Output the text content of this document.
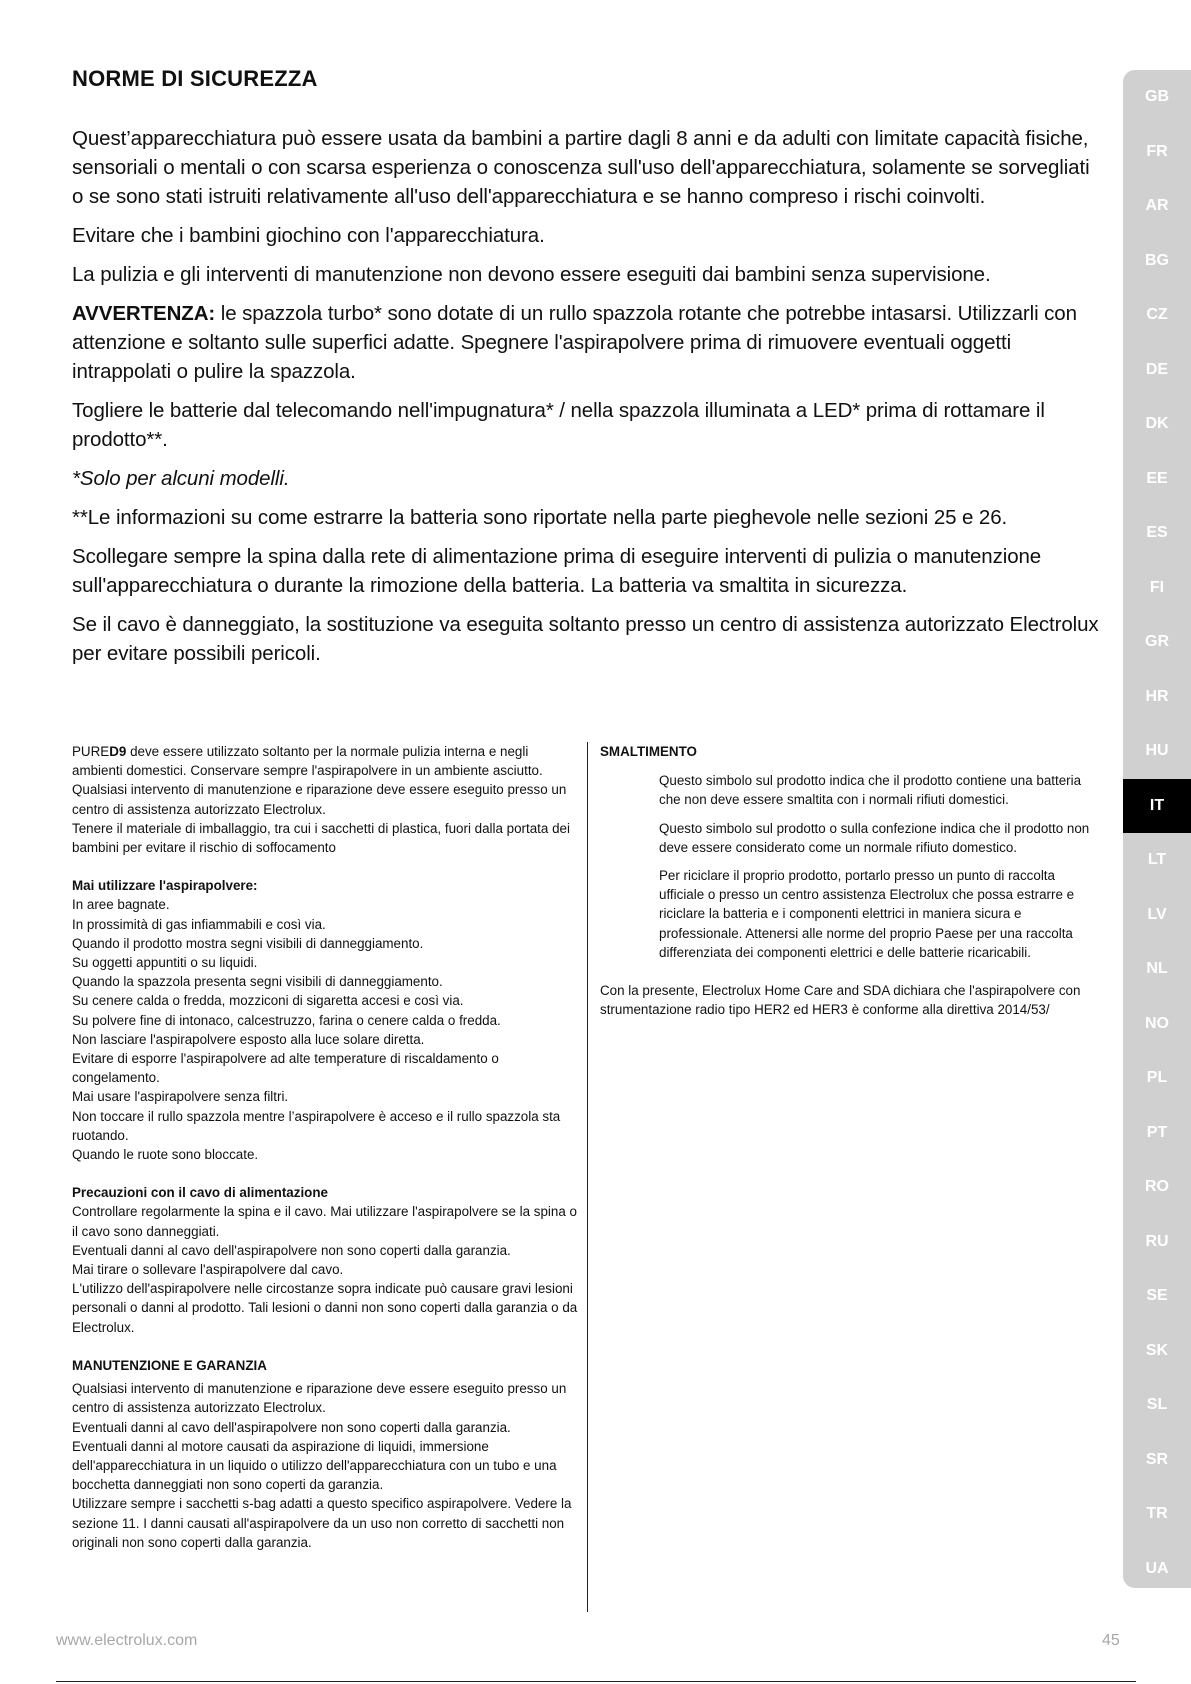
NORME DI SICUREZZA

Quest’apparecchiatura può essere usata da bambini a partire dagli 8 anni e da adulti con limitate capacità fisiche, sensoriali o mentali o con scarsa esperienza o conoscenza sull'uso dell'apparecchiatura, solamente se sorvegliati o se sono stati istruiti relativamente all'uso dell'apparecchiatura e se hanno compreso i rischi coinvolti.

Evitare che i bambini giochino con l'apparecchiatura.

La pulizia e gli interventi di manutenzione non devono essere eseguiti dai bambini senza supervisione.

AVVERTENZA: le spazzola turbo* sono dotate di un rullo spazzola rotante che potrebbe intasarsi. Utilizzarli con attenzione e soltanto sulle superfici adatte. Spegnere l'aspirapolvere prima di rimuovere eventuali oggetti intrappolati o pulire la spazzola.

Togliere le batterie dal telecomando nell'impugnatura* / nella spazzola illuminata a LED* prima di rottamare il prodotto**.

*Solo per alcuni modelli.

**Le informazioni su come estrarre la batteria sono riportate nella parte pieghevole nelle sezioni 25 e 26.

Scollegare sempre la spina dalla rete di alimentazione prima di eseguire interventi di pulizia o manutenzione sull'apparecchiatura o durante la rimozione della batteria. La batteria va smaltita in sicurezza.

Se il cavo è danneggiato, la sostituzione va eseguita soltanto presso un centro di assistenza autorizzato Electrolux per evitare possibili pericoli.

PURED9 deve essere utilizzato soltanto per la normale pulizia interna e negli ambienti domestici. Conservare sempre l'aspirapolvere in un ambiente asciutto.

Qualsiasi intervento di manutenzione e riparazione deve essere eseguito presso un centro di assistenza autorizzato Electrolux.

Tenere il materiale di imballaggio, tra cui i sacchetti di plastica, fuori dalla portata dei bambini per evitare il rischio di soffocamento

Mai utilizzare l'aspirapolvere:

In aree bagnate.

In prossimità di gas infiammabili e così via.

Quando il prodotto mostra segni visibili di danneggiamento.

Su oggetti appuntiti o su liquidi.

Quando la spazzola presenta segni visibili di danneggiamento.

Su cenere calda o fredda, mozziconi di sigaretta accesi e così via.

Su polvere fine di intonaco, calcestruzzo, farina o cenere calda o fredda.

Non lasciare l'aspirapolvere esposto alla luce solare diretta.

Evitare di esporre l'aspirapolvere ad alte temperature di riscaldamento o congelamento.

Mai usare l'aspirapolvere senza filtri.

Non toccare il rullo spazzola mentre l’aspirapolvere è acceso e il rullo spazzola sta ruotando.

Quando le ruote sono bloccate.

Precauzioni con il cavo di alimentazione

Controllare regolarmente la spina e il cavo. Mai utilizzare l'aspirapolvere se la spina o il cavo sono danneggiati.

Eventuali danni al cavo dell'aspirapolvere non sono coperti dalla garanzia.

Mai tirare o sollevare l'aspirapolvere dal cavo.

L'utilizzo dell'aspirapolvere nelle circostanze sopra indicate può causare gravi lesioni personali o danni al prodotto. Tali lesioni o danni non sono coperti dalla garanzia o da Electrolux.

MANUTENZIONE E GARANZIA

Qualsiasi intervento di manutenzione e riparazione deve essere eseguito presso un centro di assistenza autorizzato Electrolux.

Eventuali danni al cavo dell'aspirapolvere non sono coperti dalla garanzia.

Eventuali danni al motore causati da aspirazione di liquidi, immersione dell'apparecchiatura in un liquido o utilizzo dell'apparecchiatura con un tubo e una bocchetta danneggiati non sono coperti da garanzia.

Utilizzare sempre i sacchetti s-bag adatti a questo specifico aspirapolvere. Vedere la sezione 11. I danni causati all'aspirapolvere da un uso non corretto di sacchetti non originali non sono coperti dalla garanzia.

SMALTIMENTO

Questo simbolo sul prodotto indica che il prodotto contiene una batteria che non deve essere smaltita con i normali rifiuti domestici.

Questo simbolo sul prodotto o sulla confezione indica che il prodotto non deve essere considerato come un normale rifiuto domestico.

Per riciclare il proprio prodotto, portarlo presso un punto di raccolta ufficiale o presso un centro assistenza Electrolux che possa estrarre e riciclare la batteria e i componenti elettrici in maniera sicura e professionale. Attenersi alle norme del proprio Paese per una raccolta differenziata dei componenti elettrici e delle batterie ricaricabili.

Con la presente, Electrolux Home Care and SDA dichiara che l'aspirapolvere con strumentazione radio tipo HER2 ed HER3 è conforme alla direttiva 2014/53/

GB
FR
AR
BG
CZ
DE
DK
EE
ES
FI
GR
HR
HU
IT
LT
LV
NL
NO
PL
PT
RO
RU
SE
SK
SL
SR
TR
UA
www.electrolux.com	45
